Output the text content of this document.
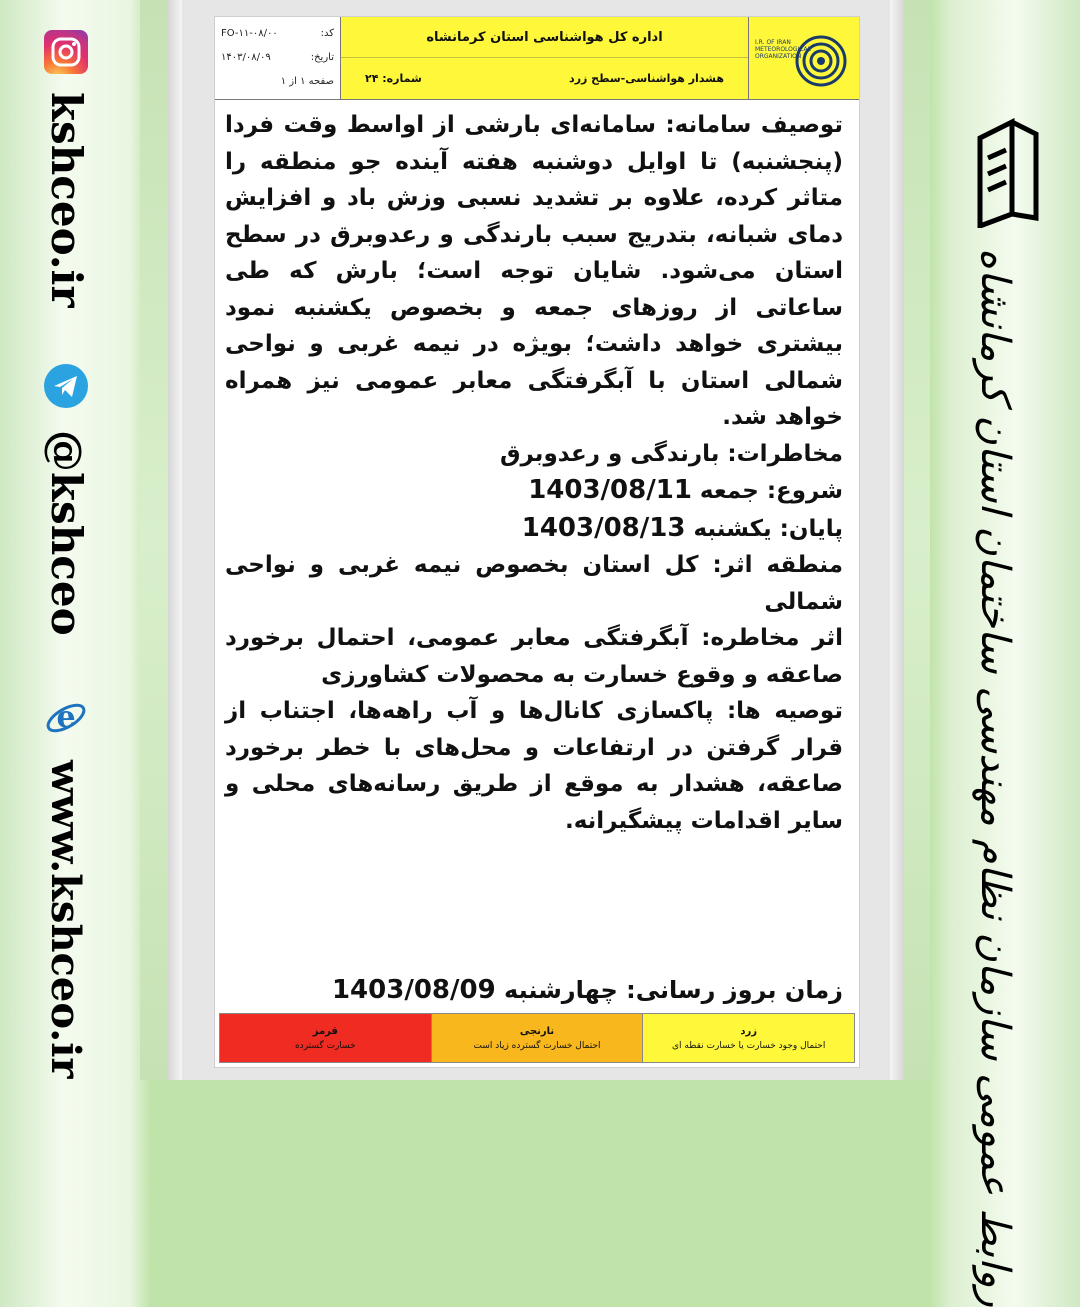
kshceo.ir
@kshceo
e
www.kshceo.ir
کد:
FO-۱۱-۰۸/۰۰
تاریخ:
۱۴۰۳/۰۸/۰۹
صفحه ۱ از ۱
اداره کل هواشناسی استان کرمانشاه
هشدار هواشناسی-سطح زرد
شماره: ۲۴
I.R. OF IRAN METEOROLOGICAL ORGANIZATION

توصیف سامانه: سامانه‌ای بارشی از اواسط وقت فردا (پنجشنبه) تا اوایل دوشنبه هفته آینده جو منطقه را متاثر کرده، علاوه بر تشدید نسبی وزش باد و افزایش دمای شبانه، بتدریج سبب بارندگی و رعدوبرق در سطح استان می‌شود. شایان توجه است؛ بارش که طی ساعاتی از روزهای جمعه و بخصوص یکشنبه نمود بیشتری خواهد داشت؛ بویژه در نیمه غربی و نواحی شمالی استان با آبگرفتگی معابر عمومی نیز همراه خواهد شد.

مخاطرات: بارندگی و رعدوبرق

شروع: جمعه 1403/08/11

پایان: یکشنبه 1403/08/13

منطقه اثر: کل استان بخصوص نیمه غربی و نواحی شمالی

اثر مخاطره: آبگرفتگی معابر عمومی، احتمال برخورد صاعقه و وقوع خسارت به محصولات کشاورزی

توصیه ها: پاکسازی کانال‌ها و آب راهه‌ها، اجتناب از قرار گرفتن در ارتفاعات و محل‌های با خطر برخورد صاعقه، هشدار به موقع از طریق رسانه‌های محلی و سایر اقدامات پیشگیرانه.

زمان بروز رسانی: چهارشنبه 1403/08/09
قرمز
خسارت گسترده
نارنجی
احتمال خسارت گسترده زیاد است
زرد
احتمال وجود خسارت یا خسارت نقطه ای	روابط عمومی سازمان نظام مهندسی ساختمان استان کرمانشاه
